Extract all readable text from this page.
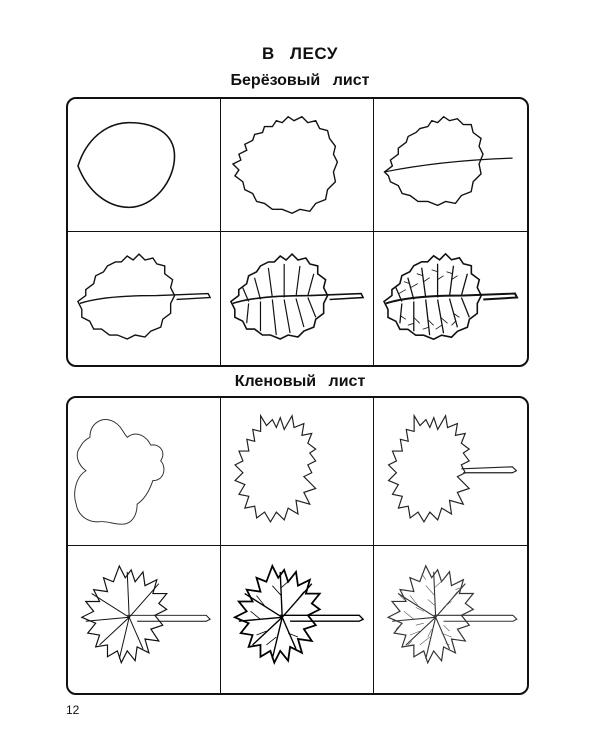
В ЛЕСУ
Берёзовый лист
Кленовый лист
12
